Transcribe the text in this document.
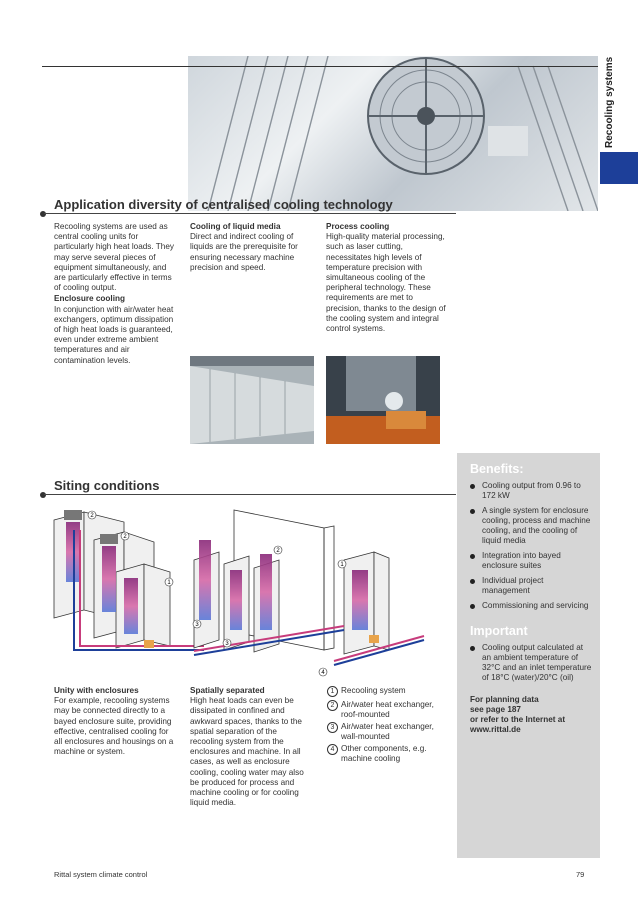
Recooling systems
Application diversity of centralised cooling technology
Recooling systems are used as central cooling units for particularly high heat loads. They may serve several pieces of equipment simultaneously, and are particularly effective in terms of cooling output.
Enclosure cooling
In conjunction with air/water heat exchangers, optimum dissipation of high heat loads is guaranteed, even under extreme ambient temperatures and air contamination levels.
Cooling of liquid media
Direct and indirect cooling of liquids are the prerequisite for ensuring necessary machine precision and speed.
Process cooling
High-quality material processing, such as laser cutting, necessitates high levels of temperature precision with simultaneous cooling of the peripheral technology. These requirements are met to precision, thanks to the design of the cooling system and integral control systems.
Siting conditions
2
2
1
3
3
2
1
4
Unity with enclosures
For example, recooling systems may be connected directly to a bayed enclosure suite, providing effective, centralised cooling for all enclosures and housings on a machine or system.
Spatially separated
High heat loads can even be dissipated in confined and awkward spaces, thanks to the spatial separation of the recooling system from the enclosures and machine. In all cases, as well as enclosure cooling, cooling water may also be produced for process and machine cooling or for cooling liquid media.
1 Recooling system
2 Air/water heat exchanger, roof-mounted
3 Air/water heat exchanger, wall-mounted
4 Other components, e.g. machine cooling
Benefits:
Cooling output from 0.96 to 172 kW
A single system for enclosure cooling, process and machine cooling, and the cooling of liquid media
Integration into bayed enclosure suites
Individual project management
Commissioning and servicing
Important
Cooling output calculated at an ambient temperature of 32°C and an inlet temperature of 18°C (water)/20°C (oil)
For planning data
see page 187
or refer to the Internet at
www.rittal.de
Rittal system climate control	79
